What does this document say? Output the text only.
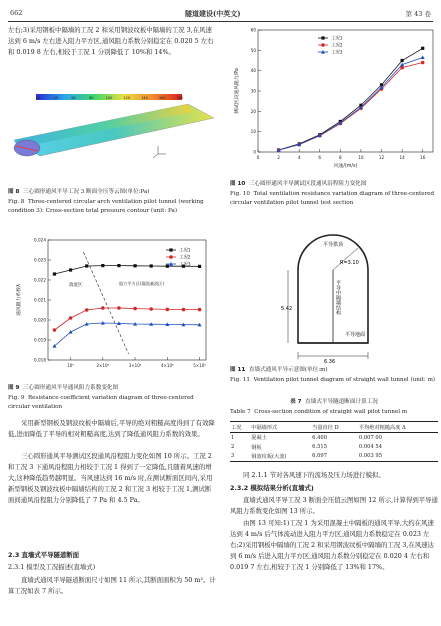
662	隧道建设(中英文)	第 43 卷

左右;3)采用钢板中隔墙的工况 2 和采用钢波纹板中隔墙的工况 3,在风速达到 6 m/s 左右进入阻力平方区,通风阻力系数分别稳定在 0.020 5 左右和 0.019 8 左右,相较于工况 1 分别降低了 10%和 14%。

20	40	60	80	100	120	140	160	180

图 8 三心圆形通风平导工况 3 断面全压等云图(单位:Pa)

Fig. 8 Three-centered circular arch ventilation pilot tunnel (working condition 3): Cross-section total pressure contour (unit: Pa)

0.024
0.023
0.022
0.021
0.020
0.019
0.018
10⁵	2×10⁵	3×10⁵	4×10⁵	5×10⁵
通风阻力系数λ	湍流区	阻力平方区(漏流紊流区)
工况1
工况2
工况3

图 9 三心圆形通风平导通风阻力系数变化图

Fig. 9 Resistance coefficient variation diagram of three-centered circular ventilation

采用新型钢板及钢波纹板中隔墙后,平导的绝对粗糙高度得到了有效降低,进而降低了平导的相对粗糙高度,达到了降低通风阻力系数的效果。

三心圆形通风平导测试区段通风沿程阻力变化如图 10 所示。工况 2 和工况 3 下通风沿程阻力相较于工况 1 得到了一定降低,且随着风速的增大,这种降低趋势越明显。当风速达到 16 m/s 时,在测试断面区间内,采用新型钢板及钢波纹板中隔墙结构的工况 2 和工况 3 相较于工况 1,测试断面间通风沿程阻力分别降低了 7 Pa 和 4.5 Pa。

2.3 直墙式平导隧道断面

2.3.1 模型及工况描述(直墙式)

直墙式通风平导隧道断面尺寸如图 11 所示,其断面面积为 50 m²。计算工况如表 7 所示。

0
10
20
30
40
50
60
0	2	4	6	8	10	12	14	16
风速/(m/s)
测试区段通风阻力/Pa
工况1
工况2
工况3

图 10 三心圆形通风平导测试区段通风沿程阻力变化图

Fig. 10 Total ventilation resistance variation diagram of three-centered circular ventilation pilot tunnel test section

平导拱顶
R=3.10
5.42
6.36
平导地面
平导中隔墙结构

图 11 直墙式通风平导示意图(单位:m)

Fig. 11 Ventilation pilot tunnel diagram of straight wall tunnel (unit: m)

表 7 直墙式平导隧道断面计算工况

Table 7 Cross-section condition of straight wall pilot tunnel m

工况	中隔墙形式	当量直径 D	平均绝对粗糙高度 Δ
1	混凝土	6.400	0.007 00
2	钢板	6.515	0.004 54
3	钢波纹板(大波)	6.097	0.003 95

同 2.1.1 节对各风速下的流场及压力场进行模拟。

2.3.2 模拟结果分析(直墙式)

直墙式通风平导工况 3 断面全压值云图如图 12 所示,计算得到平导通风阻力系数变化如图 13 所示。

由图 13 可知:1)工况 1 为采用混凝土中隔板的通风平导,大约在风速达到 4 m/s 后气体流动进入阻力平方区,通风阻力系数稳定在 0.023 左右;2)采用钢板中隔墙的工况 2 和采用钢波纹板中隔墙的工况 3,在风速达到 6 m/s 后进入阻力平方区,通风阻力系数分别稳定在 0.020 4 左右和 0.019 7 左右,相较于工况 1 分别降低了 13%和 17%。
